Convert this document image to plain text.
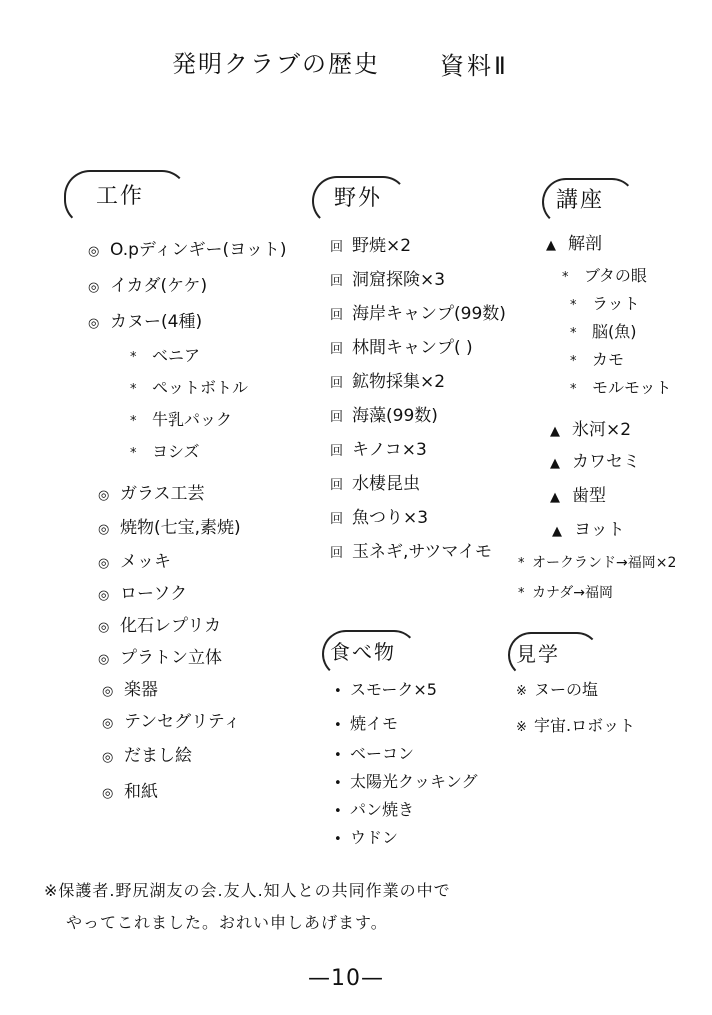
発明クラブの歴史	資料Ⅱ
工作
◎ O.pディンギー(ヨット)
◎ イカダ(ケケ)
◎ カヌー(4種)
* ベニア
* ペットボトル
* 牛乳パック
* ヨシズ
◎ ガラス工芸
◎ 焼物(七宝,素焼)
◎ メッキ
◎ ローソク
◎ 化石レプリカ
◎ プラトン立体
◎ 楽器
◎ テンセグリティ
◎ だまし絵
◎ 和紙
野外
回 野焼×2
回 洞窟探険×3
回 海岸キャンプ(99数)
回 林間キャンプ( )
回 鉱物採集×2
回 海藻(99数)
回 キノコ×3
回 水棲昆虫
回 魚つり×3
回 玉ネギ,サツマイモ
講座
▲ 解剖
* ブタの眼
* ラット
* 脳(魚)
* カモ
* モルモット
▲ 氷河×2
▲ カワセミ
▲ 歯型
▲ ヨット
* オークランド→福岡×2
* カナダ→福岡
食べ物
• スモーク×5
• 焼イモ
• ベーコン
• 太陽光クッキング
• パン焼き
• ウドン
見学
※ ヌーの塩
※ 宇宙.ロボット
※保護者.野尻湖友の会.友人.知人との共同作業の中で
やってこれました。おれい申しあげます。
—10—
